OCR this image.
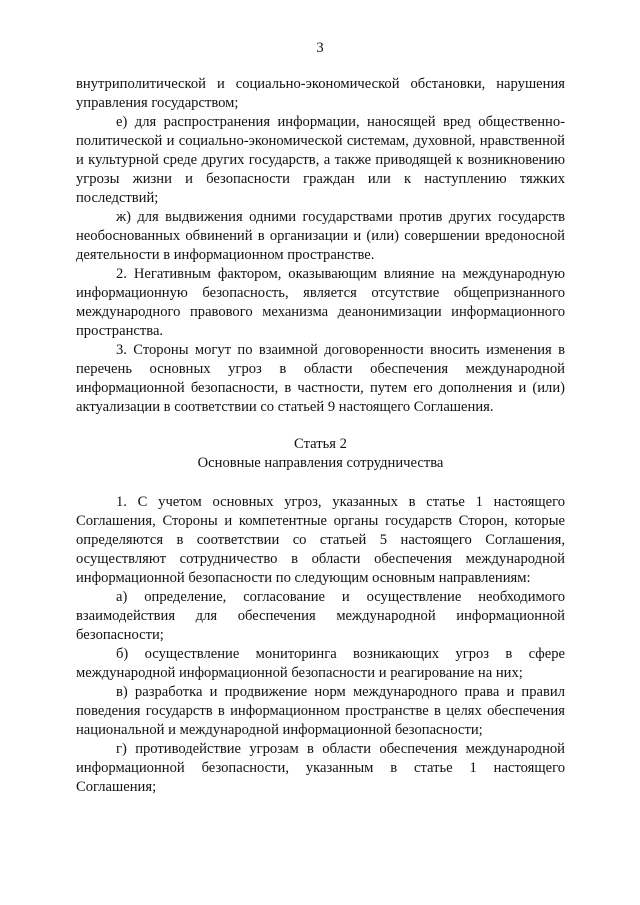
3

внутриполитической и социально-экономической обстановки, нарушения управления государством;

е) для распространения информации, наносящей вред общественно-политической и социально-экономической системам, духовной, нравственной и культурной среде других государств, а также приводящей к возникновению угрозы жизни и безопасности граждан или к наступлению тяжких последствий;

ж) для выдвижения одними государствами против других государств необоснованных обвинений в организации и (или) совершении вредоносной деятельности в информационном пространстве.

2. Негативным фактором, оказывающим влияние на международную информационную безопасность, является отсутствие общепризнанного международного правового механизма деанонимизации информационного пространства.

3. Стороны могут по взаимной договоренности вносить изменения в перечень основных угроз в области обеспечения международной информационной безопасности, в частности, путем его дополнения и (или) актуализации в соответствии со статьей 9 настоящего Соглашения.

Статья 2

Основные направления сотрудничества

1. С учетом основных угроз, указанных в статье 1 настоящего Соглашения, Стороны и компетентные органы государств Сторон, которые определяются в соответствии со статьей 5 настоящего Соглашения, осуществляют сотрудничество в области обеспечения международной информационной безопасности по следующим основным направлениям:

а) определение, согласование и осуществление необходимого взаимодействия для обеспечения международной информационной безопасности;

б) осуществление мониторинга возникающих угроз в сфере международной информационной безопасности и реагирование на них;

в) разработка и продвижение норм международного права и правил поведения государств в информационном пространстве в целях обеспечения национальной и международной информационной безопасности;

г) противодействие угрозам в области обеспечения международной информационной безопасности, указанным в статье 1 настоящего Соглашения;
